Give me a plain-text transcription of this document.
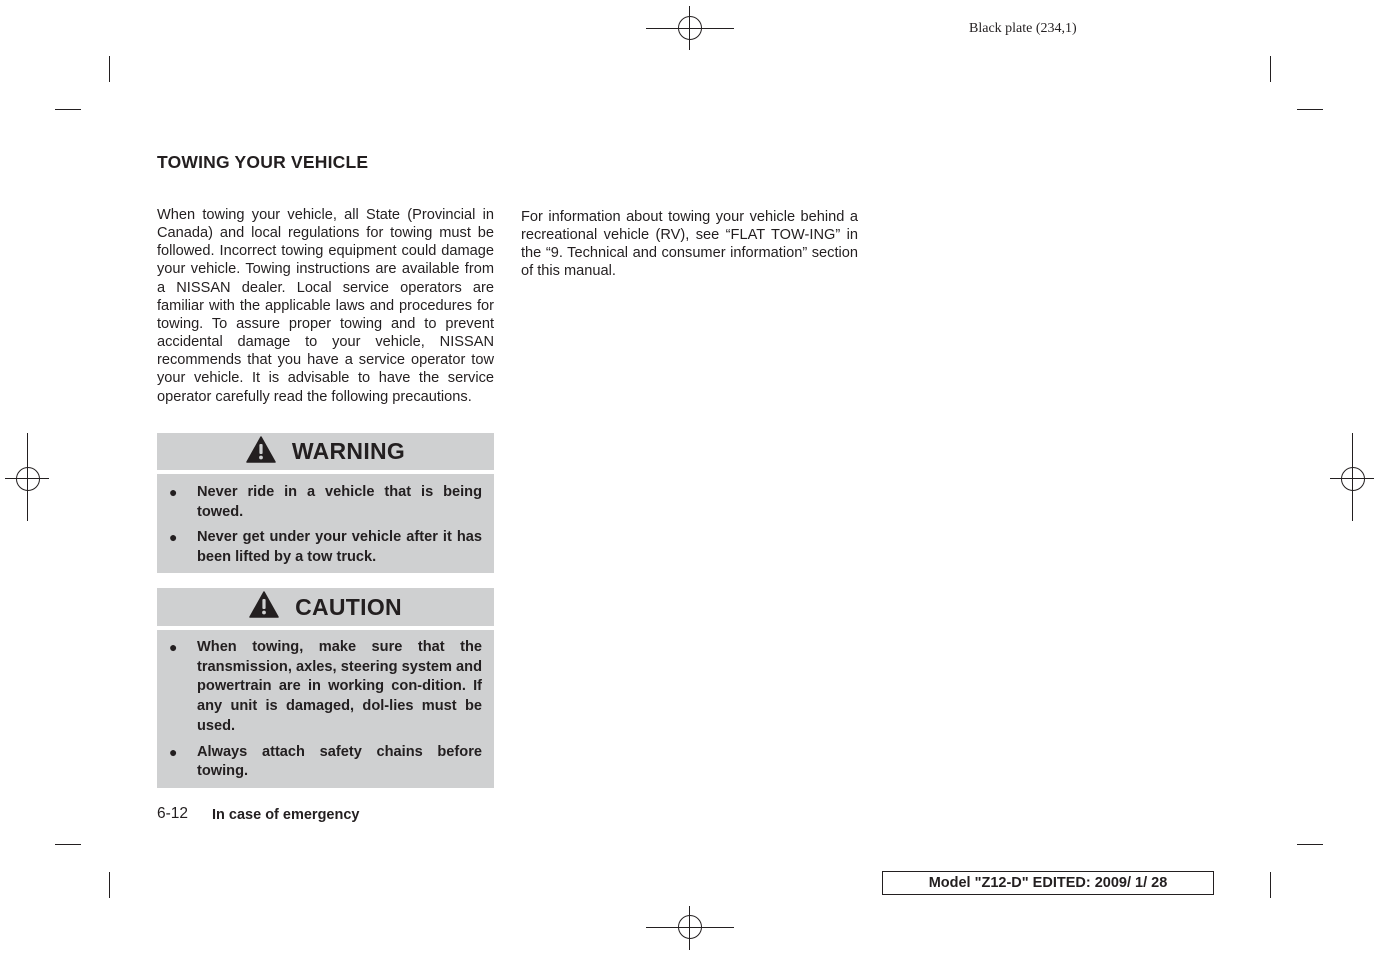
Black plate (234,1)
TOWING YOUR VEHICLE

When towing your vehicle, all State (Provincial in Canada) and local regulations for towing must be followed. Incorrect towing equipment could damage your vehicle. Towing instructions are available from a NISSAN dealer. Local service operators are familiar with the applicable laws and procedures for towing. To assure proper towing and to prevent accidental damage to your vehicle, NISSAN recommends that you have a service operator tow your vehicle. It is advisable to have the service operator carefully read the following precautions.

WARNING
●	Never ride in a vehicle that is being towed.
●	Never get under your vehicle after it has been lifted by a tow truck.
CAUTION
●	When towing, make sure that the transmission, axles, steering system and powertrain are in working con-dition. If any unit is damaged, dol-lies must be used.
●	Always attach safety chains before towing.

For information about towing your vehicle behind a recreational vehicle (RV), see “FLAT TOW-ING” in the “9. Technical and consumer information” section of this manual.

6-12 In case of emergency
Model "Z12-D" EDITED: 2009/ 1/ 28
